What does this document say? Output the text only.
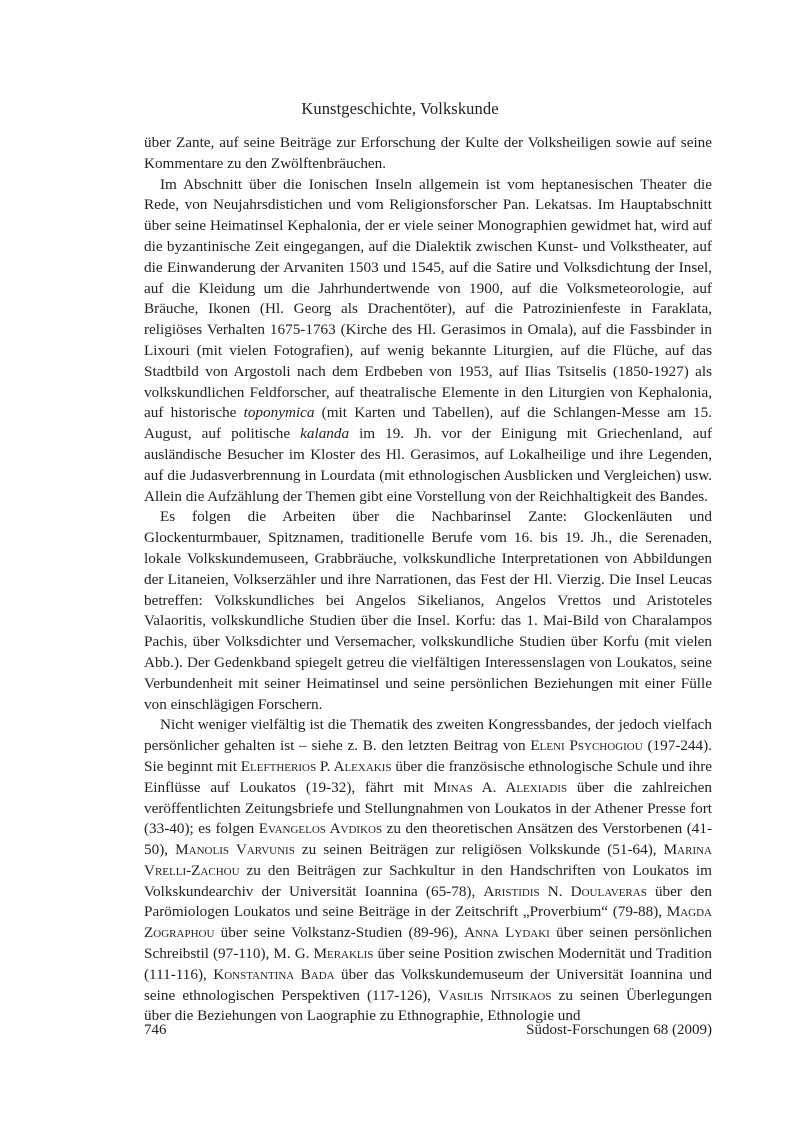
Kunstgeschichte, Volkskunde

über Zante, auf seine Beiträge zur Erforschung der Kulte der Volksheiligen sowie auf seine Kommentare zu den Zwölftenbräuchen.

Im Abschnitt über die Ionischen Inseln allgemein ist vom heptanesischen Theater die Rede, von Neujahrsdistichen und vom Religionsforscher Pan. Lekatsas. Im Hauptabschnitt über seine Heimatinsel Kephalonia, der er viele seiner Monographien gewidmet hat, wird auf die byzantinische Zeit eingegangen, auf die Dialektik zwischen Kunst- und Volkstheater, auf die Einwanderung der Arvaniten 1503 und 1545, auf die Satire und Volksdichtung der Insel, auf die Kleidung um die Jahrhundertwende von 1900, auf die Volksmeteorologie, auf Bräuche, Ikonen (Hl. Georg als Drachentöter), auf die Patrozinienfeste in Faraklata, religiöses Verhalten 1675-1763 (Kirche des Hl. Gerasimos in Omala), auf die Fassbinder in Lixouri (mit vielen Fotografien), auf wenig bekannte Liturgien, auf die Flüche, auf das Stadtbild von Argostoli nach dem Erdbeben von 1953, auf Ilias Tsitselis (1850-1927) als volkskundlichen Feldforscher, auf theatralische Elemente in den Liturgien von Kephalonia, auf historische toponymica (mit Karten und Tabellen), auf die Schlangen-Messe am 15. August, auf politische kalanda im 19. Jh. vor der Einigung mit Griechenland, auf ausländische Besucher im Kloster des Hl. Gerasimos, auf Lokalheilige und ihre Legenden, auf die Judasverbrennung in Lourdata (mit ethnologischen Ausblicken und Vergleichen) usw. Allein die Aufzählung der Themen gibt eine Vorstellung von der Reichhaltigkeit des Bandes.

Es folgen die Arbeiten über die Nachbarinsel Zante: Glockenläuten und Glockenturmbauer, Spitznamen, traditionelle Berufe vom 16. bis 19. Jh., die Serenaden, lokale Volkskundemuseen, Grabbräuche, volkskundliche Interpretationen von Abbildungen der Litaneien, Volkserzähler und ihre Narrationen, das Fest der Hl. Vierzig. Die Insel Leucas betreffen: Volkskundliches bei Angelos Sikelianos, Angelos Vrettos und Aristoteles Valaoritis, volkskundliche Studien über die Insel. Korfu: das 1. Mai-Bild von Charalampos Pachis, über Volksdichter und Versemacher, volkskundliche Studien über Korfu (mit vielen Abb.). Der Gedenkband spiegelt getreu die vielfältigen Interessenslagen von Loukatos, seine Verbundenheit mit seiner Heimatinsel und seine persönlichen Beziehungen mit einer Fülle von einschlägigen Forschern.

Nicht weniger vielfältig ist die Thematik des zweiten Kongressbandes, der jedoch vielfach persönlicher gehalten ist – siehe z. B. den letzten Beitrag von Eleni Psychogiou (197-244). Sie beginnt mit Eleftherios P. Alexakis über die französische ethnologische Schule und ihre Einflüsse auf Loukatos (19-32), fährt mit Minas A. Alexiadis über die zahlreichen veröffentlichten Zeitungsbriefe und Stellungnahmen von Loukatos in der Athener Presse fort (33-40); es folgen Evangelos Avdikos zu den theoretischen Ansätzen des Verstorbenen (41-50), Manolis Varvunis zu seinen Beiträgen zur religiösen Volkskunde (51-64), Marina Vrelli-Zachou zu den Beiträgen zur Sachkultur in den Handschriften von Loukatos im Volkskundearchiv der Universität Ioannina (65-78), Aristidis N. Doulaveras über den Parömiologen Loukatos und seine Beiträge in der Zeitschrift „Proverbium“ (79-88), Magda Zographou über seine Volkstanz-Studien (89-96), Anna Lydaki über seinen persönlichen Schreibstil (97-110), M. G. Meraklis über seine Position zwischen Modernität und Tradition (111-116), Konstantina Bada über das Volkskundemuseum der Universität Ioannina und seine ethnologischen Perspektiven (117-126), Vasilis Nitsikaos zu seinen Überlegungen über die Beziehungen von Laographie zu Ethnographie, Ethnologie und

746	Südost-Forschungen 68 (2009)
